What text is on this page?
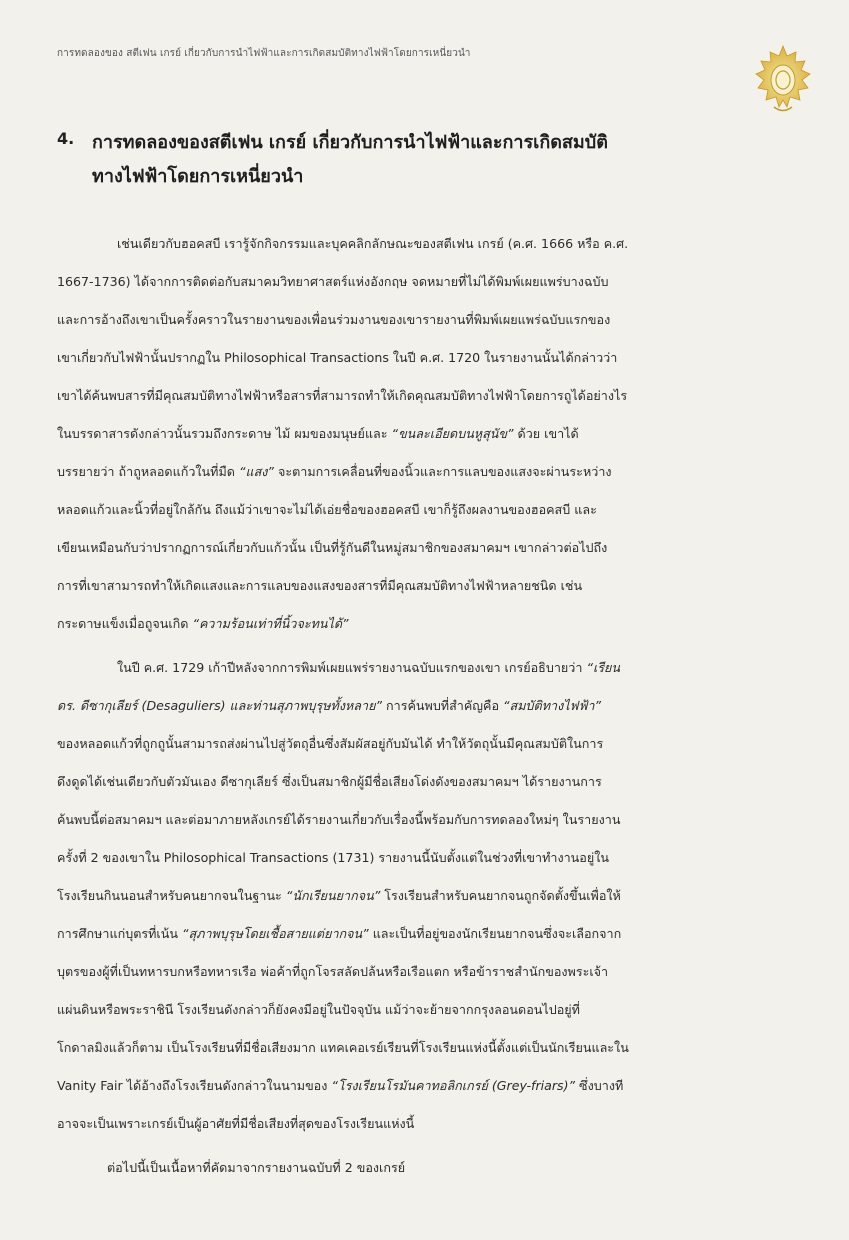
การทดลองของ สตีเฟน เกรย์ เกี่ยวกับการนำไฟฟ้าและการเกิดสมบัติทางไฟฟ้าโดยการเหนี่ยวนำ
4. การทดลองของสตีเฟน เกรย์ เกี่ยวกับการนำไฟฟ้าและการเกิดสมบัติ
ทางไฟฟ้าโดยการเหนี่ยวนำ
เช่นเดียวกับฮอคสบี เรารู้จักกิจกรรมและบุคคลิกลักษณะของสตีเฟน เกรย์ (ค.ศ. 1666 หรือ ค.ศ.
1667-1736) ได้จากการติดต่อกับสมาคมวิทยาศาสตร์แห่งอังกฤษ จดหมายที่ไม่ได้พิมพ์เผยแพร่บางฉบับ
และการอ้างถึงเขาเป็นครั้งคราวในรายงานของเพื่อนร่วมงานของเขารายงานที่พิมพ์เผยแพร่ฉบับแรกของ
เขาเกี่ยวกับไฟฟ้านั้นปรากฏใน Philosophical Transactions ในปี ค.ศ. 1720 ในรายงานนั้นได้กล่าวว่า
เขาได้ค้นพบสารที่มีคุณสมบัติทางไฟฟ้าหรือสารที่สามารถทำให้เกิดคุณสมบัติทางไฟฟ้าโดยการถูได้อย่างไร
ในบรรดาสารดังกล่าวนั้นรวมถึงกระดาษ ไม้ ผมของมนุษย์และ “ขนละเอียดบนหูสุนัข” ด้วย เขาได้
บรรยายว่า ถ้าถูหลอดแก้วในที่มืด “แสง” จะตามการเคลื่อนที่ของนิ้วและการแลบของแสงจะผ่านระหว่าง
หลอดแก้วและนิ้วที่อยู่ใกล้กัน ถึงแม้ว่าเขาจะไม่ได้เอ่ยชื่อของฮอคสบี เขาก็รู้ถึงผลงานของฮอคสบี และ
เขียนเหมือนกับว่าปรากฏการณ์เกี่ยวกับแก้วนั้น เป็นที่รู้กันดีในหมู่สมาชิกของสมาคมฯ เขากล่าวต่อไปถึง
การที่เขาสามารถทำให้เกิดแสงและการแลบของแสงของสารที่มีคุณสมบัติทางไฟฟ้าหลายชนิด เช่น
กระดาษแข็งเมื่อถูจนเกิด “ความร้อนเท่าที่นิ้วจะทนได้”
ในปี ค.ศ. 1729 เก้าปีหลังจากการพิมพ์เผยแพร่รายงานฉบับแรกของเขา เกรย์อธิบายว่า “เรียน
ดร. ดีซากุเลียร์ (Desaguliers) และท่านสุภาพบุรุษทั้งหลาย” การค้นพบที่สำคัญคือ “สมบัติทางไฟฟ้า”
ของหลอดแก้วที่ถูกถูนั้นสามารถส่งผ่านไปสู่วัตถุอื่นซึ่งสัมผัสอยู่กับมันได้ ทำให้วัตถุนั้นมีคุณสมบัติในการ
ดึงดูดได้เช่นเดียวกับตัวมันเอง ดีซากุเลียร์ ซึ่งเป็นสมาชิกผู้มีชื่อเสียงโด่งดังของสมาคมฯ ได้รายงานการ
ค้นพบนี้ต่อสมาคมฯ และต่อมาภายหลังเกรย์ได้รายงานเกี่ยวกับเรื่องนี้พร้อมกับการทดลองใหม่ๆ ในรายงาน
ครั้งที่ 2 ของเขาใน Philosophical Transactions (1731) รายงานนี้นับตั้งแต่ในช่วงที่เขาทำงานอยู่ใน
โรงเรียนกินนอนสำหรับคนยากจนในฐานะ “นักเรียนยากจน” โรงเรียนสำหรับคนยากจนถูกจัดตั้งขึ้นเพื่อให้
การศึกษาแก่บุตรที่เน้น “สุภาพบุรุษโดยเชื้อสายแต่ยากจน” และเป็นที่อยู่ของนักเรียนยากจนซึ่งจะเลือกจาก
บุตรของผู้ที่เป็นทหารบกหรือทหารเรือ พ่อค้าที่ถูกโจรสลัดปล้นหรือเรือแตก หรือข้าราชสำนักของพระเจ้า
แผ่นดินหรือพระราชินี โรงเรียนดังกล่าวก็ยังคงมีอยู่ในปัจจุบัน แม้ว่าจะย้ายจากกรุงลอนดอนไปอยู่ที่
โกดาลมิงแล้วก็ตาม เป็นโรงเรียนที่มีชื่อเสียงมาก แทคเคอเรย์เรียนที่โรงเรียนแห่งนี้ตั้งแต่เป็นนักเรียนและใน
Vanity Fair ได้อ้างถึงโรงเรียนดังกล่าวในนามของ “โรงเรียนโรมันคาทอลิกเกรย์ (Grey-friars)” ซึ่งบางที
อาจจะเป็นเพราะเกรย์เป็นผู้อาศัยที่มีชื่อเสียงที่สุดของโรงเรียนแห่งนี้
ต่อไปนี้เป็นเนื้อหาที่คัดมาจากรายงานฉบับที่ 2 ของเกรย์
